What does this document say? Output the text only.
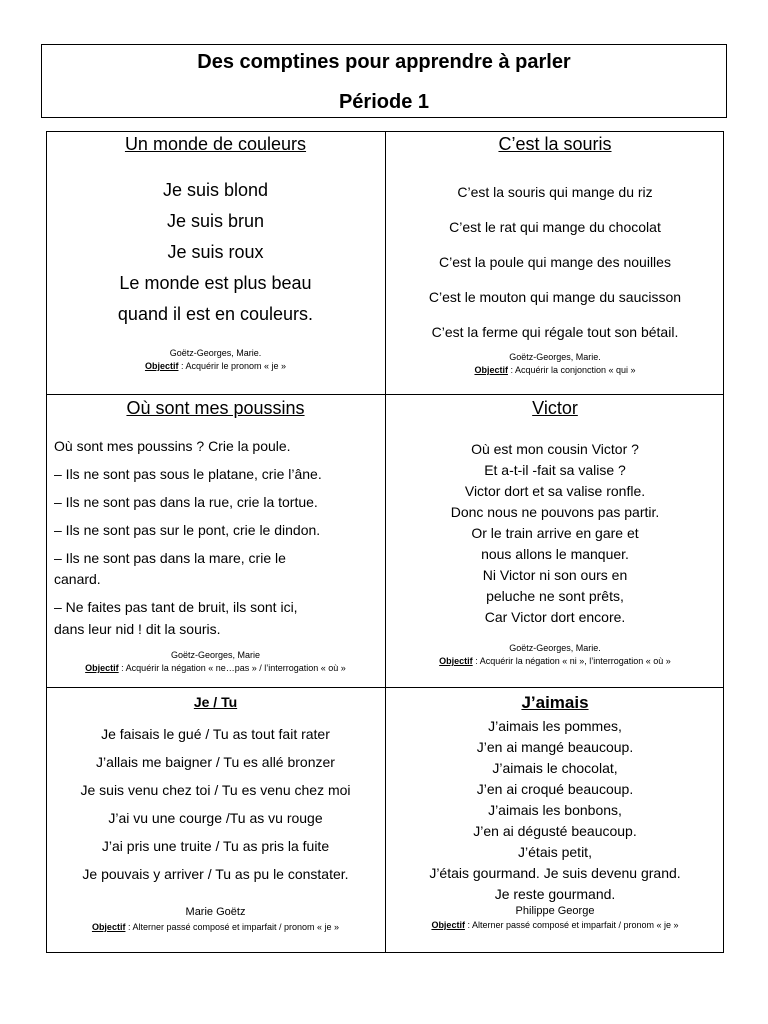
Des comptines pour apprendre à parler
Période 1
Un monde de couleurs
Je suis blond
Je suis brun
Je suis roux
Le monde est plus beau
quand il est en couleurs.
Goëtz-Georges, Marie.
Objectif : Acquérir le pronom « je »
C’est la souris
C’est la souris qui mange du riz
C’est le rat qui mange du chocolat
C’est la poule qui mange des nouilles
C’est le mouton qui mange du saucisson
C’est la ferme qui régale tout son bétail.
Goëtz-Georges, Marie.
Objectif : Acquérir la conjonction « qui »
Où sont mes poussins
Où sont mes poussins ? Crie la poule.
– Ils ne sont pas sous le platane, crie l’âne.
– Ils ne sont pas dans la rue, crie la tortue.
– Ils ne sont pas sur le pont, crie le dindon.
– Ils ne sont pas dans la mare, crie le
canard.
– Ne faites pas tant de bruit, ils sont ici,
dans leur nid ! dit la souris.
Goëtz-Georges, Marie
Objectif : Acquérir la négation « ne…pas » / l’interrogation « où »
Victor
Où est mon cousin Victor ?
Et a-t-il -fait sa valise ?
Victor dort et sa valise ronfle.
Donc nous ne pouvons pas partir.
Or le train arrive en gare et
nous allons le manquer.
Ni Victor ni son ours en
peluche ne sont prêts,
Car Victor dort encore.
Goëtz-Georges, Marie.
Objectif : Acquérir la négation « ni », l’interrogation « où »
Je / Tu
Je faisais le gué / Tu as tout fait rater
J’allais me baigner / Tu es allé bronzer
Je suis venu chez toi / Tu es venu chez moi
J’ai vu une courge /Tu as vu rouge
J’ai pris une truite / Tu as pris la fuite
Je pouvais y arriver / Tu as pu le constater.
Marie Goëtz
Objectif : Alterner passé composé et imparfait / pronom « je »
J’aimais
J’aimais les pommes,
J’en ai mangé beaucoup.
J’aimais le chocolat,
J’en ai croqué beaucoup.
J’aimais les bonbons,
J’en ai dégusté beaucoup.
J’étais petit,
J’étais gourmand. Je suis devenu grand.
Je reste gourmand.
Philippe George
Objectif : Alterner passé composé et imparfait / pronom « je »
